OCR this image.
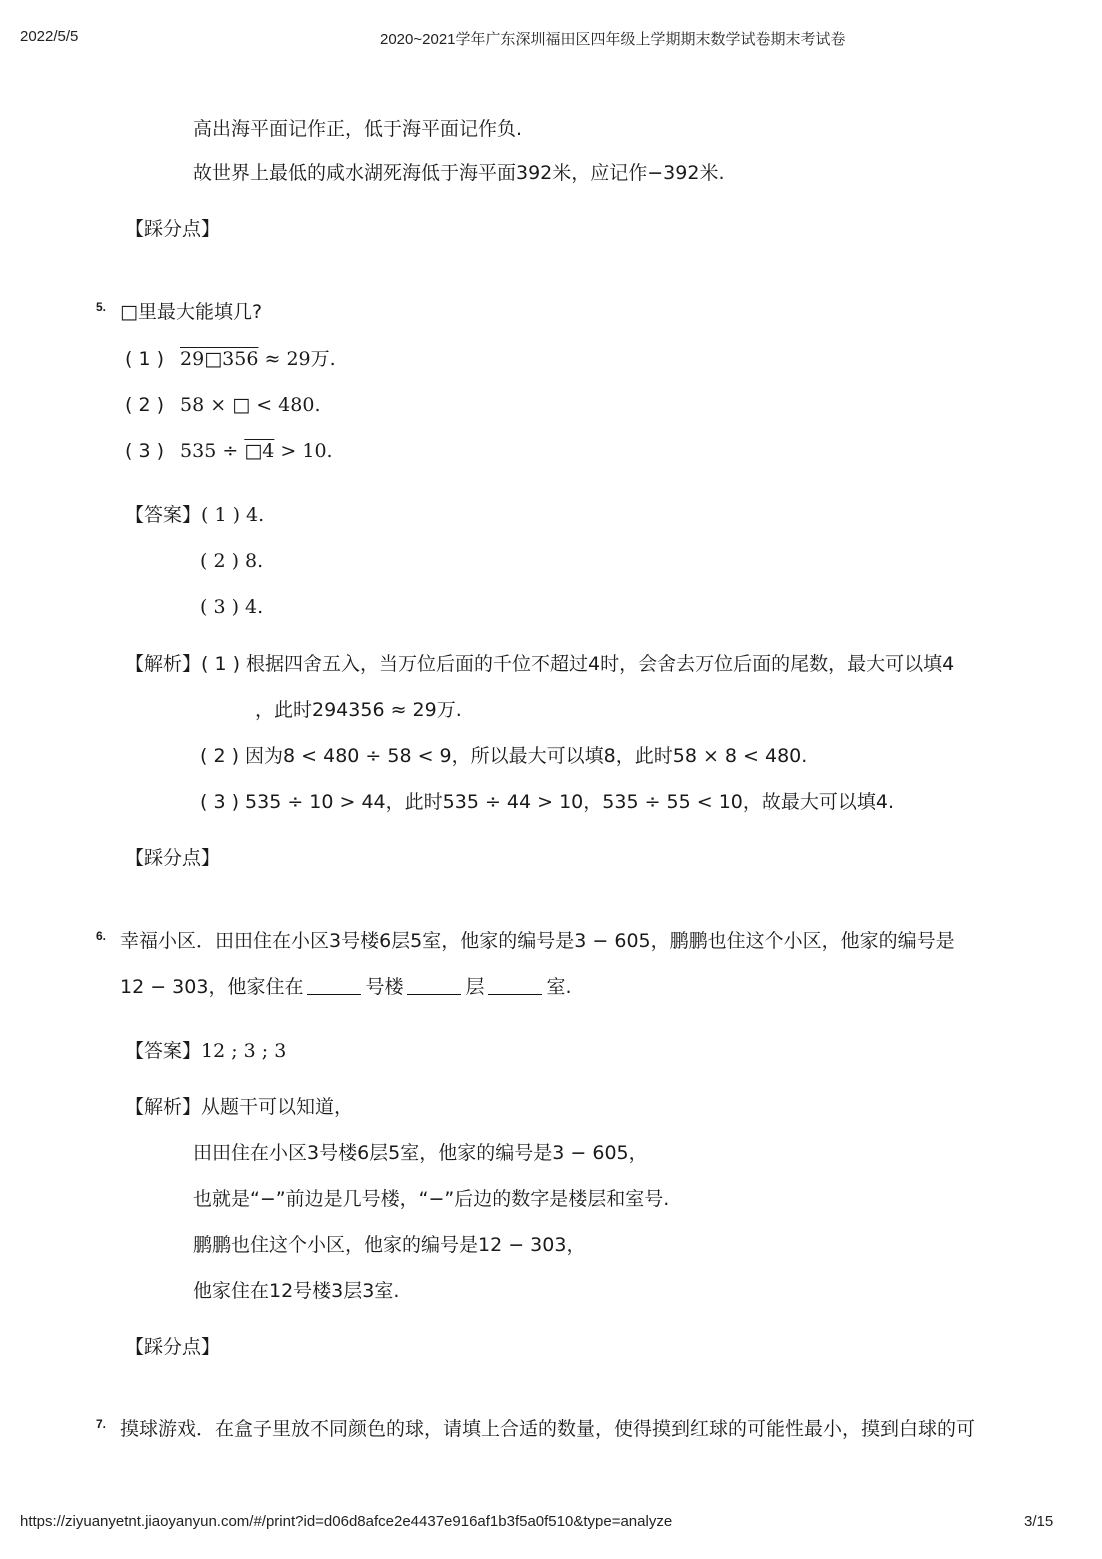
2022/5/5	2020~2021学年广东深圳福田区四年级上学期期末数学试卷期末考试卷
高出海平面记作正，低于海平面记作负.
故世界上最低的咸水湖死海低于海平面392米，应记作−392米.
【踩分点】
5. □里最大能填几?
( 1 ) 29□356 ≈ 29万.
( 2 ) 58 × □ < 480.
( 3 ) 535 ÷ □4 > 10.
【答案】( 1 ) 4.
( 2 ) 8.
( 3 ) 4.
【解析】( 1 ) 根据四舍五入，当万位后面的千位不超过4时，会舍去万位后面的尾数，最大可以填4
，此时294356 ≈ 29万.
( 2 ) 因为8 < 480 ÷ 58 < 9，所以最大可以填8，此时58 × 8 < 480.
( 3 ) 535 ÷ 10 > 44，此时535 ÷ 44 > 10，535 ÷ 55 < 10，故最大可以填4.
【踩分点】
6. 幸福小区．田田住在小区3号楼6层5室，他家的编号是3 − 605，鹏鹏也住这个小区，他家的编号是
12 − 303，他家住在	号楼	层	室.
【答案】12 ; 3 ; 3
【解析】从题干可以知道，
田田住在小区3号楼6层5室，他家的编号是3 − 605，
也就是“−”前边是几号楼，“−”后边的数字是楼层和室号.
鹏鹏也住这个小区，他家的编号是12 − 303，
他家住在12号楼3层3室.
【踩分点】
7. 摸球游戏．在盒子里放不同颜色的球，请填上合适的数量，使得摸到红球的可能性最小，摸到白球的可
https://ziyuanyetnt.jiaoyanyun.com/#/print?id=d06d8afce2e4437e916af1b3f5a0f510&type=analyze	3/15
